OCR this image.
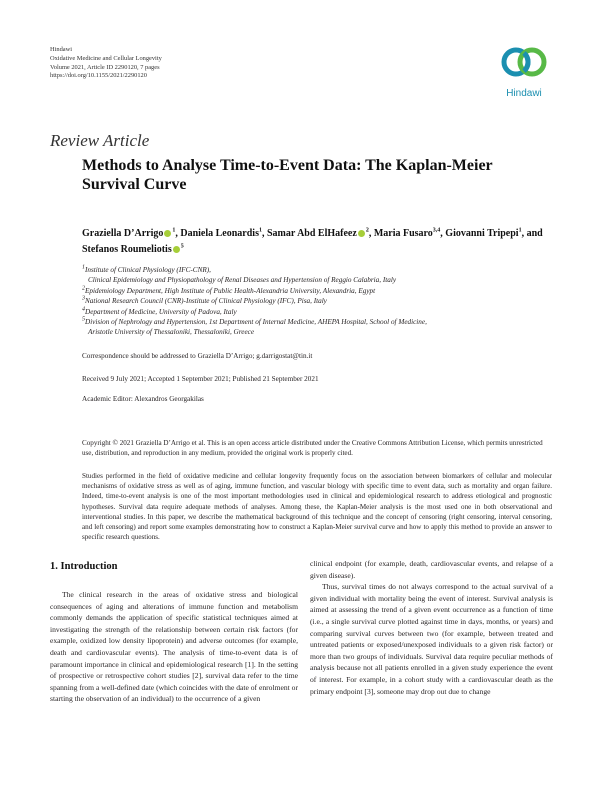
Hindawi
Oxidative Medicine and Cellular Longevity
Volume 2021, Article ID 2290120, 7 pages
https://doi.org/10.1155/2021/2290120
Hindawi
Review Article
Methods to Analyse Time-to-Event Data: The Kaplan-Meier Survival Curve
Graziella D’Arrigo $^1$, Daniela Leonardis$^1$, Samar Abd ElHafeez $^2$, Maria Fusaro$^{3,4}$, Giovanni Tripepi$^1$, and Stefanos Roumeliotis $^5$
$^1$Institute of Clinical Physiology (IFC-CNR),
Clinical Epidemiology and Physiopathology of Renal Diseases and Hypertension of Reggio Calabria, Italy
$^2$Epidemiology Department, High Institute of Public Health-Alexandria University, Alexandria, Egypt
$^3$National Research Council (CNR)-Institute of Clinical Physiology (IFC), Pisa, Italy
$^4$Department of Medicine, University of Padova, Italy
$^5$Division of Nephrology and Hypertension, 1st Department of Internal Medicine, AHEPA Hospital, School of Medicine,
Aristotle University of Thessaloniki, Thessaloniki, Greece
Correspondence should be addressed to Graziella D’Arrigo; g.darrigostat@tin.it
Received 9 July 2021; Accepted 1 September 2021; Published 21 September 2021
Academic Editor: Alexandros Georgakilas
Copyright © 2021 Graziella D’Arrigo et al. This is an open access article distributed under the Creative Commons Attribution License, which permits unrestricted use, distribution, and reproduction in any medium, provided the original work is properly cited.
Studies performed in the field of oxidative medicine and cellular longevity frequently focus on the association between biomarkers of cellular and molecular mechanisms of oxidative stress as well as of aging, immune function, and vascular biology with specific time to event data, such as mortality and organ failure. Indeed, time-to-event analysis is one of the most important methodologies used in clinical and epidemiological research to address etiological and prognostic hypotheses. Survival data require adequate methods of analyses. Among these, the Kaplan-Meier analysis is the most used one in both observational and interventional studies. In this paper, we describe the mathematical background of this technique and the concept of censoring (right censoring, interval censoring, and left censoring) and report some examples demonstrating how to construct a Kaplan-Meier survival curve and how to apply this method to provide an answer to specific research questions.
1. Introduction

The clinical research in the areas of oxidative stress and biological consequences of aging and alterations of immune function and metabolism commonly demands the application of specific statistical techniques aimed at investigating the strength of the relationship between certain risk factors (for example, oxidized low density lipoprotein) and adverse outcomes (for example, death and cardiovascular events). The analysis of time-to-event data is of paramount importance in clinical and epidemiological research [1]. In the setting of prospective or retrospective cohort studies [2], survival data refer to the time spanning from a well-defined date (which coincides with the date of enrolment or starting the observation of an individual) to the occurrence of a given

clinical endpoint (for example, death, cardiovascular events, and relapse of a given disease).

Thus, survival times do not always correspond to the actual survival of a given individual with mortality being the event of interest. Survival analysis is aimed at assessing the trend of a given event occurrence as a function of time (i.e., a single survival curve plotted against time in days, months, or years) and comparing survival curves between two (for example, between treated and untreated patients or exposed/unexposed individuals to a given risk factor) or more than two groups of individuals. Survival data require peculiar methods of analysis because not all patients enrolled in a given study experience the event of interest. For example, in a cohort study with a cardiovascular death as the primary endpoint [3], someone may drop out due to change
